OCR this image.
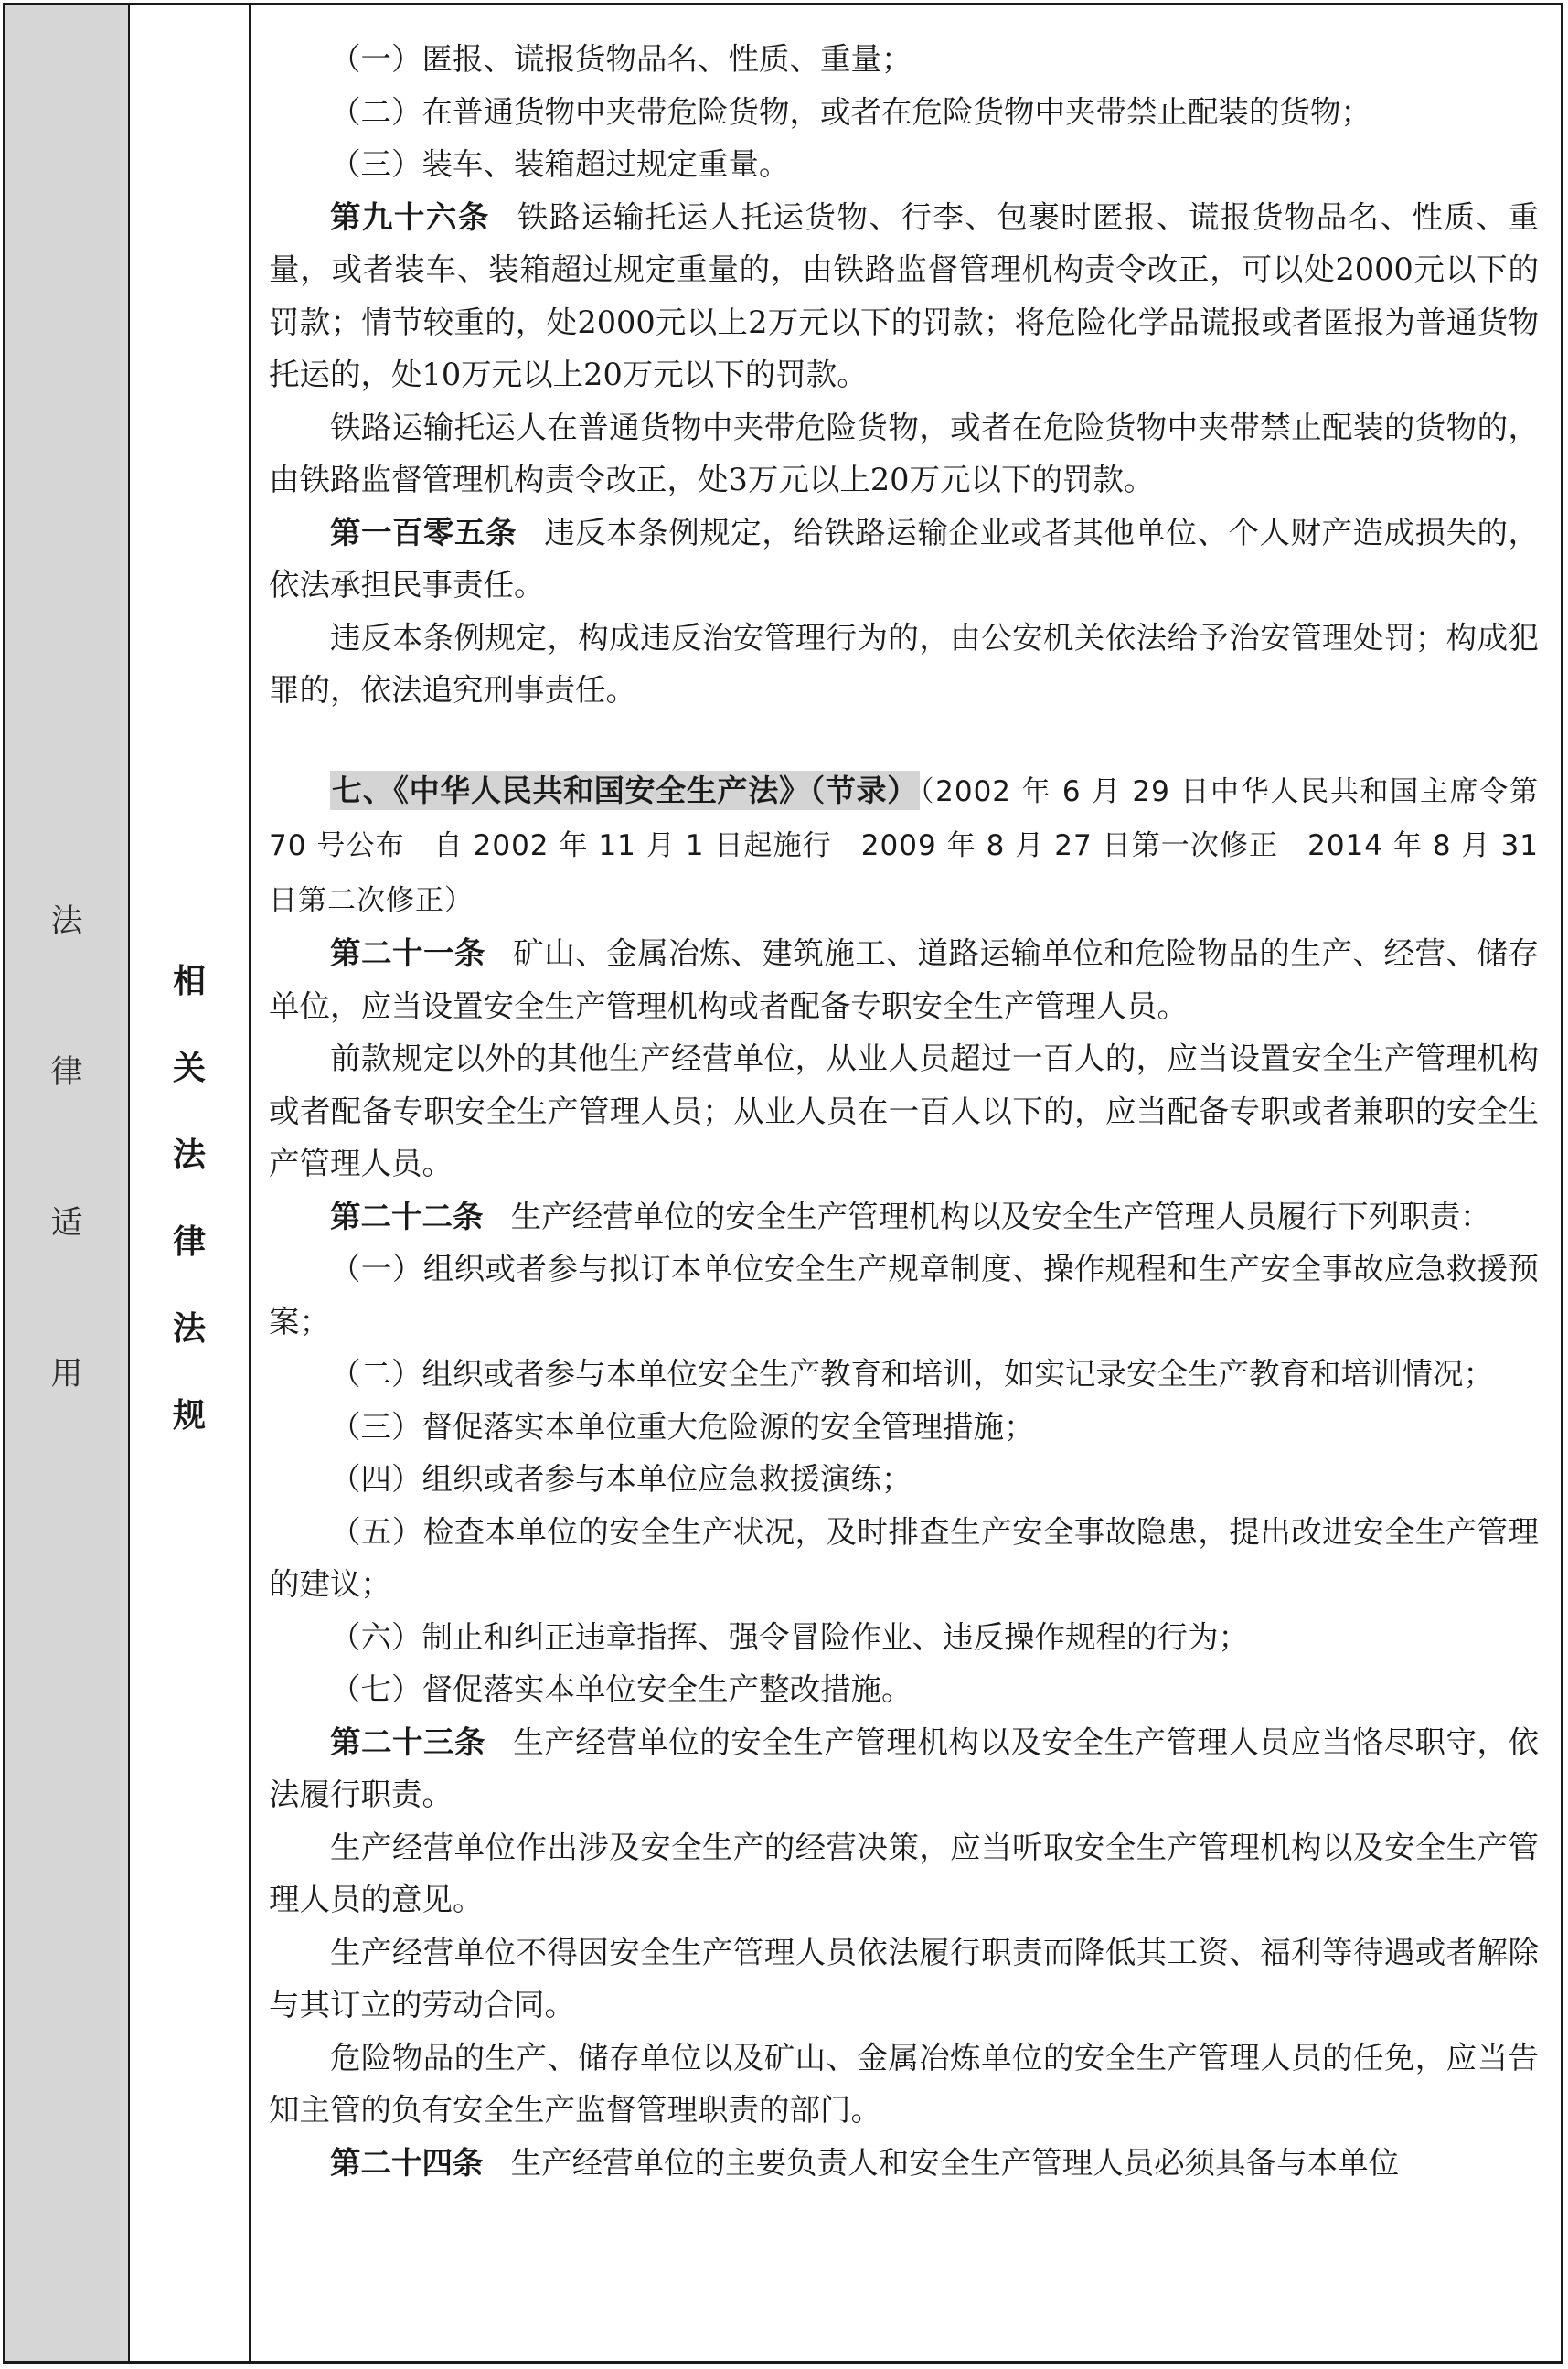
法
律
适
用
相
关
法
律
法
规

（一）匿报、谎报货物品名、性质、重量；

（二）在普通货物中夹带危险货物，或者在危险货物中夹带禁止配装的货物；

（三）装车、装箱超过规定重量。

第九十六条 铁路运输托运人托运货物、行李、包裹时匿报、谎报货物品名、性质、重量，或者装车、装箱超过规定重量的，由铁路监督管理机构责令改正，可以处2000元以下的罚款；情节较重的，处2000元以上2万元以下的罚款；将危险化学品谎报或者匿报为普通货物托运的，处10万元以上20万元以下的罚款。

铁路运输托运人在普通货物中夹带危险货物，或者在危险货物中夹带禁止配装的货物的，由铁路监督管理机构责令改正，处3万元以上20万元以下的罚款。

第一百零五条 违反本条例规定，给铁路运输企业或者其他单位、个人财产造成损失的，依法承担民事责任。

违反本条例规定，构成违反治安管理行为的，由公安机关依法给予治安管理处罚；构成犯罪的，依法追究刑事责任。

七、《中华人民共和国安全生产法》（节录）（2002 年 6 月 29 日中华人民共和国主席令第 70 号公布　自 2002 年 11 月 1 日起施行　2009 年 8 月 27 日第一次修正　2014 年 8 月 31 日第二次修正）

第二十一条 矿山、金属冶炼、建筑施工、道路运输单位和危险物品的生产、经营、储存单位，应当设置安全生产管理机构或者配备专职安全生产管理人员。

前款规定以外的其他生产经营单位，从业人员超过一百人的，应当设置安全生产管理机构或者配备专职安全生产管理人员；从业人员在一百人以下的，应当配备专职或者兼职的安全生产管理人员。

第二十二条 生产经营单位的安全生产管理机构以及安全生产管理人员履行下列职责：

（一）组织或者参与拟订本单位安全生产规章制度、操作规程和生产安全事故应急救援预案；

（二）组织或者参与本单位安全生产教育和培训，如实记录安全生产教育和培训情况；

（三）督促落实本单位重大危险源的安全管理措施；

（四）组织或者参与本单位应急救援演练；

（五）检查本单位的安全生产状况，及时排查生产安全事故隐患，提出改进安全生产管理的建议；

（六）制止和纠正违章指挥、强令冒险作业、违反操作规程的行为；

（七）督促落实本单位安全生产整改措施。

第二十三条 生产经营单位的安全生产管理机构以及安全生产管理人员应当恪尽职守，依法履行职责。

生产经营单位作出涉及安全生产的经营决策，应当听取安全生产管理机构以及安全生产管理人员的意见。

生产经营单位不得因安全生产管理人员依法履行职责而降低其工资、福利等待遇或者解除与其订立的劳动合同。

危险物品的生产、储存单位以及矿山、金属冶炼单位的安全生产管理人员的任免，应当告知主管的负有安全生产监督管理职责的部门。

第二十四条 生产经营单位的主要负责人和安全生产管理人员必须具备与本单位
